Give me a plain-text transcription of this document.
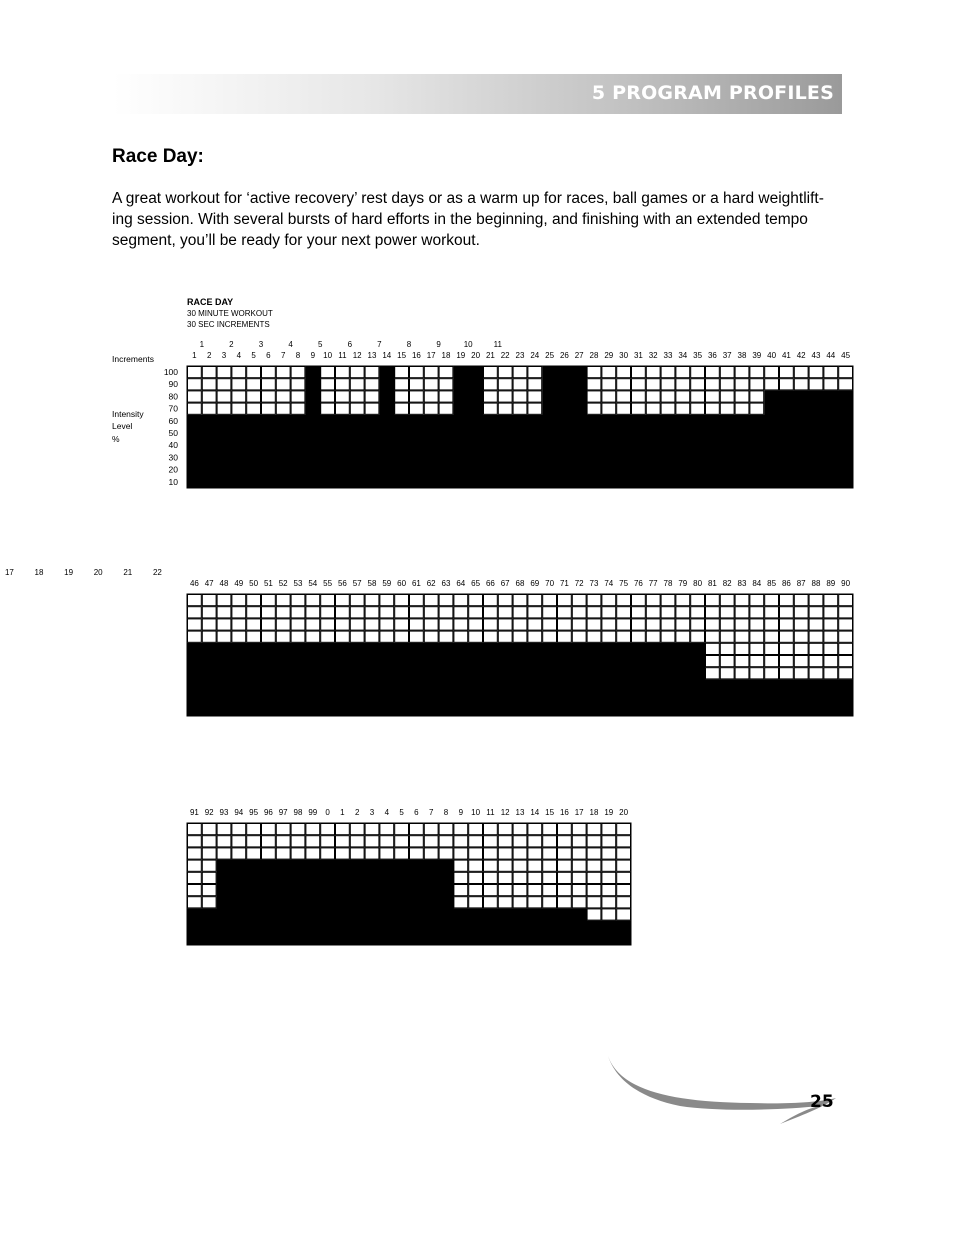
5 PROGRAM PROFILES
Race Day:

A great workout for ‘active recovery’ rest days or as a warm up for races, ball games or a hard weightlift-ing session. With several bursts of hard efforts in the beginning, and finishing with an extended tempo segment, you’ll be ready for your next power workout.

RACE DAY
30 MINUTE WORKOUT
30 SEC INCREMENTS
Increments
Intensity
Level
%
1 2 3 4 5 6 7 8 9 10 11 12 13 14 15 16 17 18 19 20 21 22 23 24 25 26 27 28 29 30 31 32 33 34 35 36 37 38 39 40 41 42 43 44 45
1	2	3	4	5	6	7	8	9	10	11
46 47 48 49 50 51 52 53 54 55 56 57 58 59 60 61 62 63 64 65 66 67 68 69 70 71 72 73 74 75 76 77 78 79 80 81 82 83 84 85 86 87 88 89 90
17	18	19	20	21	22
91 92 93 94 95 96 97 98 99 0 1 2 3 4 5 6 7 8 9 10 11 12 13 14 15 16 17 18 19 20
100
90
80
70
60
50
40
30
20
10
25
